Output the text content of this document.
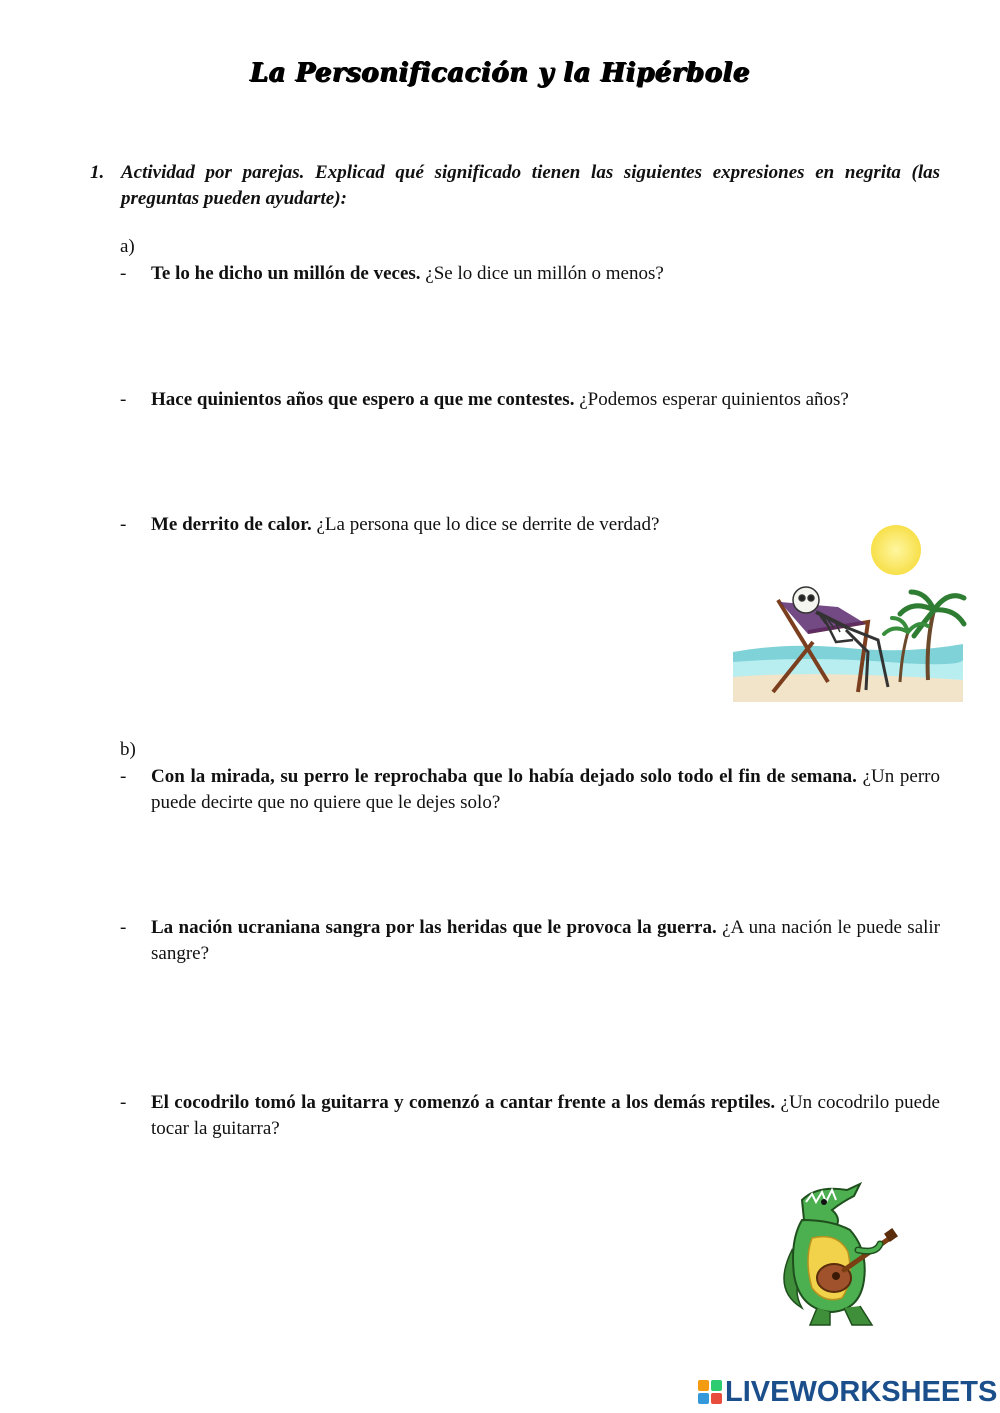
La Personificación y la Hipérbole
1. Actividad por parejas. Explicad qué significado tienen las siguientes expresiones en negrita (las preguntas pueden ayudarte):
a)
- Te lo he dicho un millón de veces. ¿Se lo dice un millón o menos?
- Hace quinientos años que espero a que me contestes. ¿Podemos esperar quinientos años?
- Me derrito de calor. ¿La persona que lo dice se derrite de verdad?
b)
- Con la mirada, su perro le reprochaba que lo había dejado solo todo el fin de semana. ¿Un perro puede decirte que no quiere que le dejes solo?
- La nación ucraniana sangra por las heridas que le provoca la guerra. ¿A una nación le puede salir sangre?
- El cocodrilo tomó la guitarra y comenzó a cantar frente a los demás reptiles. ¿Un cocodrilo puede tocar la guitarra?
LIVEWORKSHEETS
